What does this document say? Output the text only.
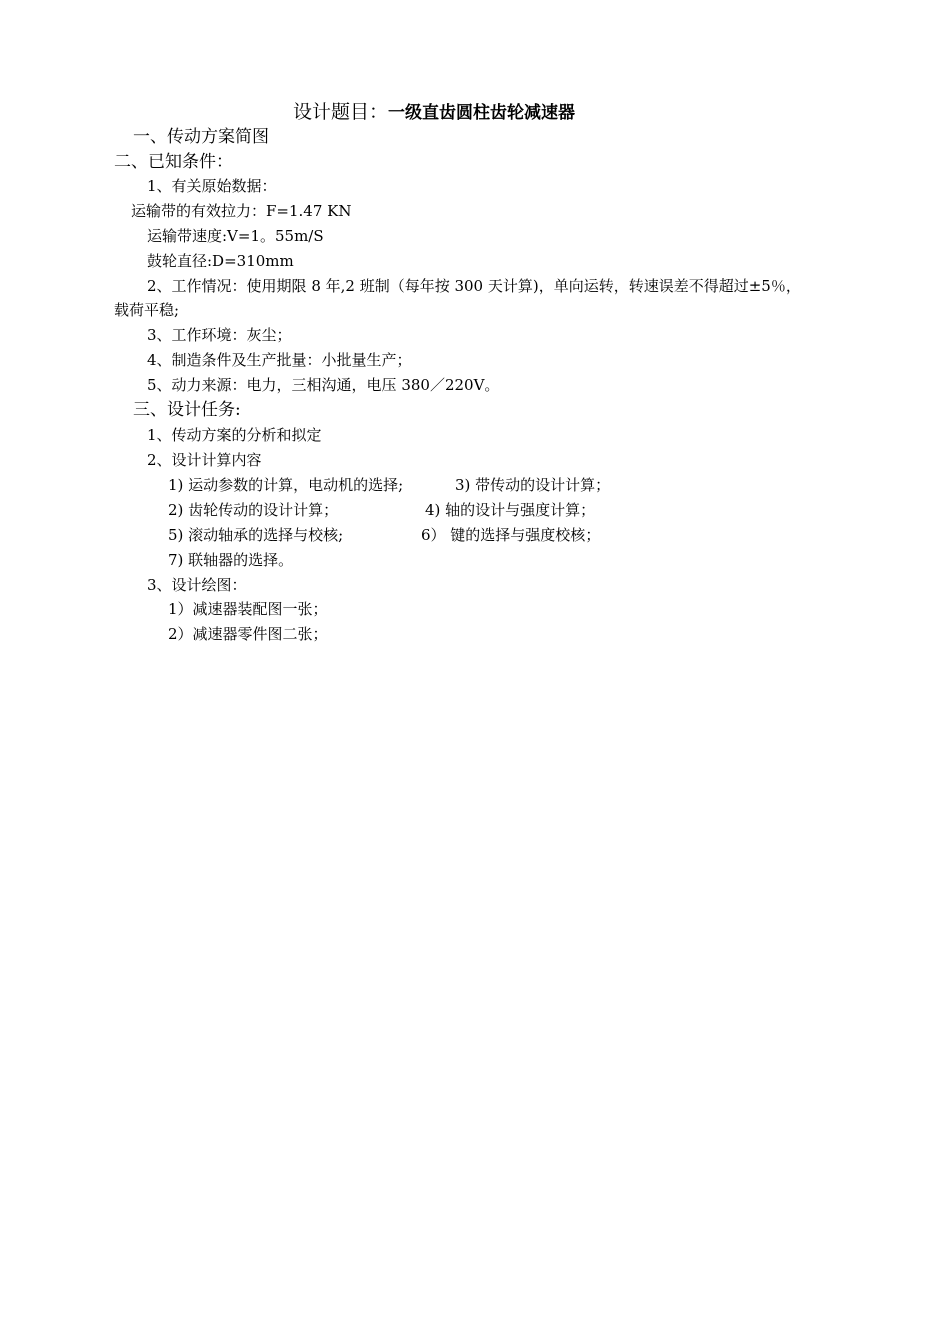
设计题目：一级直齿圆柱齿轮减速器
一、传动方案简图
二、已知条件：
1、有关原始数据：
运输带的有效拉力：F=1.47 KN
运输带速度:V=1。55m/S
鼓轮直径:D=310mm
2、工作情况：使用期限 8 年,2 班制（每年按 300 天计算)，单向运转，转速误差不得超过±5％，
载荷平稳;
3、工作环境：灰尘；
4、制造条件及生产批量：小批量生产；
5、动力来源：电力，三相沟通，电压 380／220V。
三、设计任务:
1、传动方案的分析和拟定
2、设计计算内容
1) 运动参数的计算，电动机的选择;	3) 带传动的设计计算；
2) 齿轮传动的设计计算；	4) 轴的设计与强度计算；
5) 滚动轴承的选择与校核;	6） 键的选择与强度校核；
7) 联轴器的选择。
3、设计绘图：
1）减速器装配图一张；
2）减速器零件图二张；
